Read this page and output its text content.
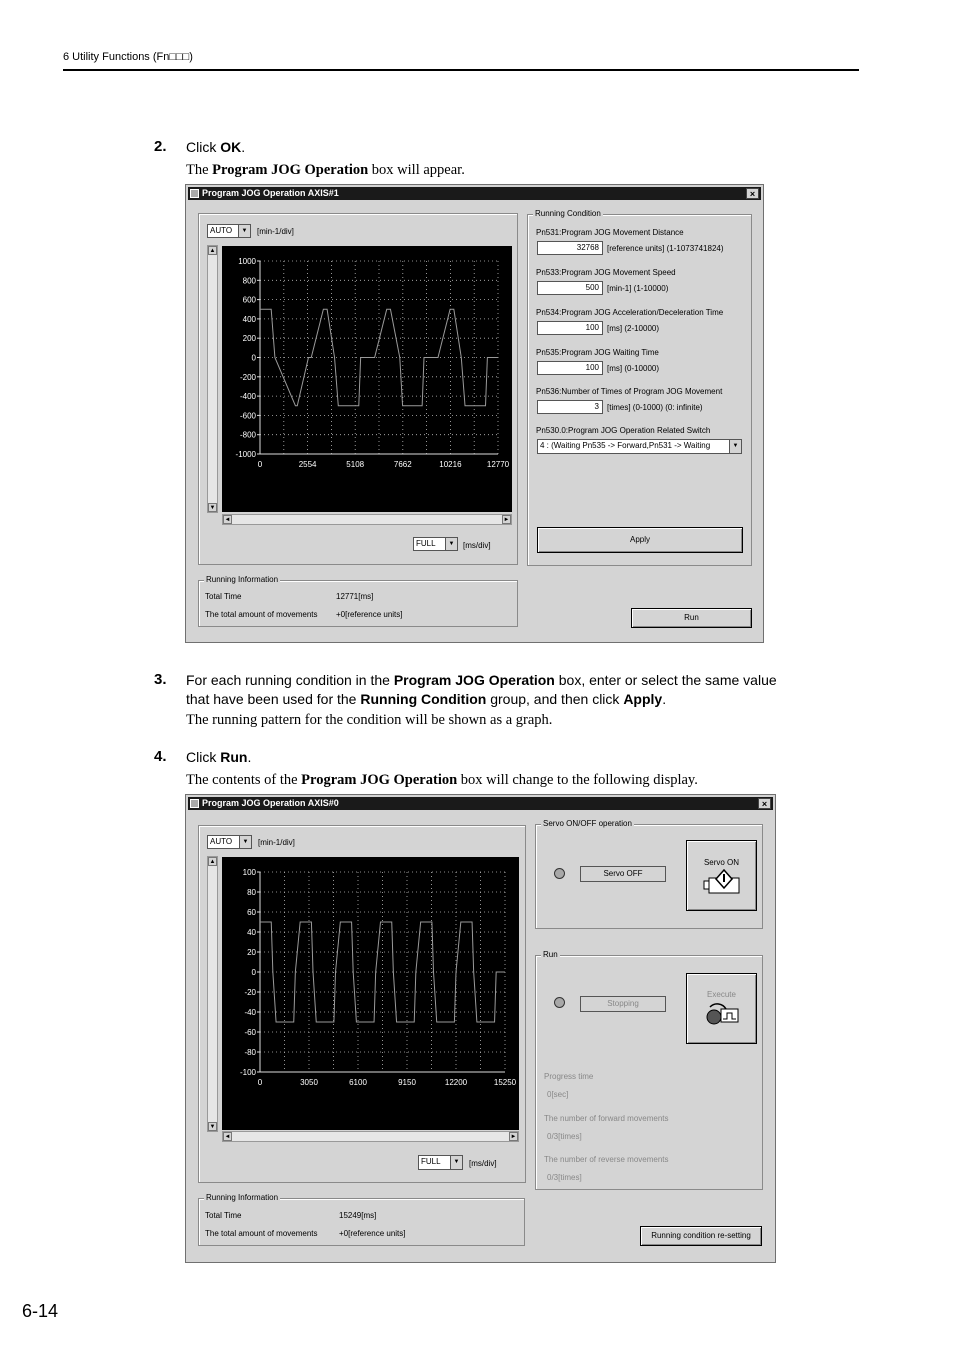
6 Utility Functions (Fn□□□)
2. Click OK.
The Program JOG Operation box will appear.
Program JOG Operation AXIS#1	×
AUTO	▼	[min-1/div]
▲
▼
1000
800
600
400
200
0
-200
-400
-600
-800
-1000
0	2554	5108	7662	10216	12770
◄	►
FULL	▼	[ms/div]
Running Condition
Pn531:Program JOG Movement Distance
32768	[reference units] (1-1073741824)
Pn533:Program JOG Movement Speed
500	[min-1] (1-10000)
Pn534:Program JOG Acceleration/Deceleration Time
100	[ms] (2-10000)
Pn535:Program JOG Waiting Time
100	[ms] (0-10000)
Pn536:Number of Times of Program JOG Movement
3	[times] (0-1000) (0: infinite)
Pn530.0:Program JOG Operation Related Switch
4 : (Waiting Pn535 -> Forward,Pn531 -> Waiting	▼
Apply
Running Information
Total Time	12771[ms]
The total amount of movements +0[reference units]	Run
3. For each running condition in the Program JOG Operation box, enter or select the same value
that have been used for the Running Condition group, and then click Apply.
The running pattern for the condition will be shown as a graph.
4. Click Run.
The contents of the Program JOG Operation box will change to the following display.
Program JOG Operation AXIS#0	×
AUTO	▼	[min-1/div]
▲
▼
100
80
60
40
20
0
-20
-40
-60
-80
-100
0	3050	6100	9150	12200	15250
◄	►
FULL	▼	[ms/div]
Servo ON/OFF operation
Servo OFF
Servo ON
Run
Stopping
Execute
Progress time
0[sec]
The number of forward movements
0/3[times]
The number of reverse movements
0/3[times]
Running Information
Total Time	15249[ms]
The total amount of movements	+0[reference units]	Running condition re-setting
6-14
